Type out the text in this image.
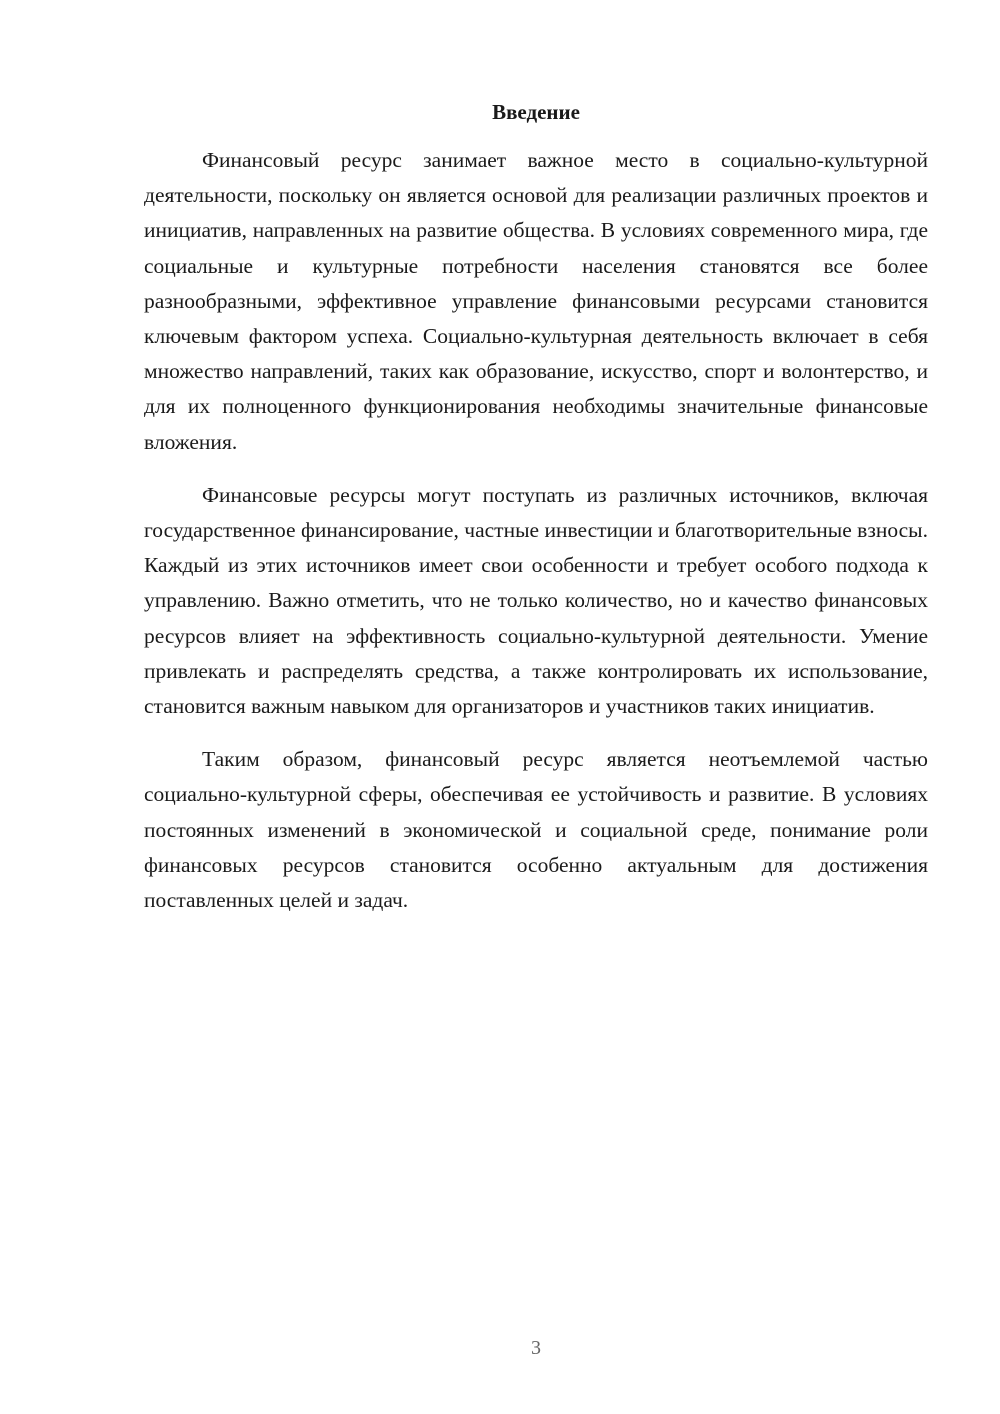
Введение

Финансовый ресурс занимает важное место в социально-культурной деятельности, поскольку он является основой для реализации различных проектов и инициатив, направленных на развитие общества. В условиях современного мира, где социальные и культурные потребности населения становятся все более разнообразными, эффективное управление финансовыми ресурсами становится ключевым фактором успеха. Социально-культурная деятельность включает в себя множество направлений, таких как образование, искусство, спорт и волонтерство, и для их полноценного функционирования необходимы значительные финансовые вложения.

Финансовые ресурсы могут поступать из различных источников, включая государственное финансирование, частные инвестиции и благотворительные взносы. Каждый из этих источников имеет свои особенности и требует особого подхода к управлению. Важно отметить, что не только количество, но и качество финансовых ресурсов влияет на эффективность социально-культурной деятельности. Умение привлекать и распределять средства, а также контролировать их использование, становится важным навыком для организаторов и участников таких инициатив.

Таким образом, финансовый ресурс является неотъемлемой частью социально-культурной сферы, обеспечивая ее устойчивость и развитие. В условиях постоянных изменений в экономической и социальной среде, понимание роли финансовых ресурсов становится особенно актуальным для достижения поставленных целей и задач.

3
